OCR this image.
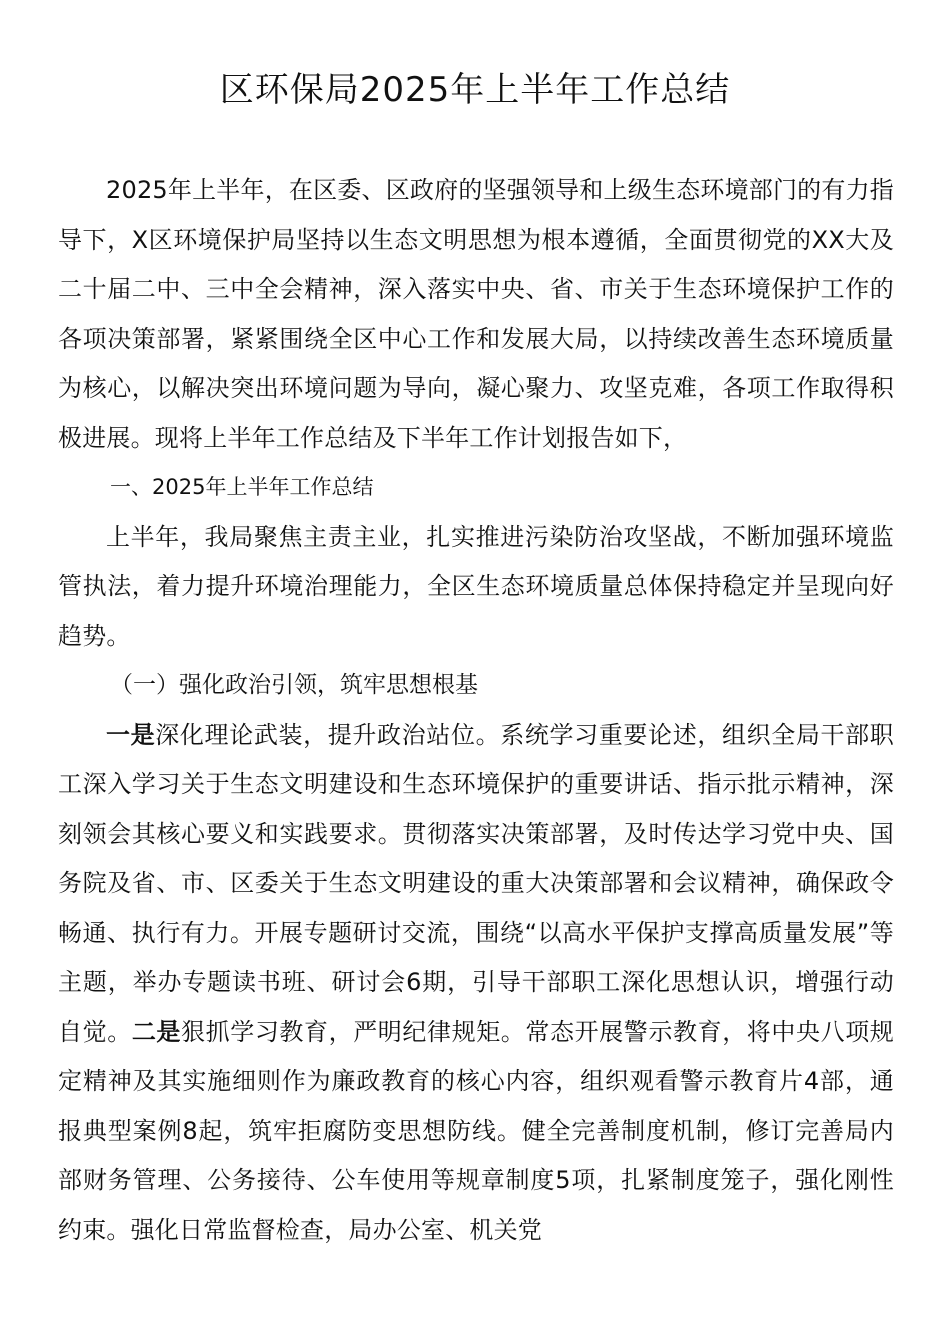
区环保局2025年上半年工作总结

2025年上半年，在区委、区政府的坚强领导和上级生态环境部门的有力指导下，X区环境保护局坚持以生态文明思想为根本遵循，全面贯彻党的XX大及二十届二中、三中全会精神，深入落实中央、省、市关于生态环境保护工作的各项决策部署，紧紧围绕全区中心工作和发展大局，以持续改善生态环境质量为核心，以解决突出环境问题为导向，凝心聚力、攻坚克难，各项工作取得积极进展。现将上半年工作总结及下半年工作计划报告如下，

一、2025年上半年工作总结

上半年，我局聚焦主责主业，扎实推进污染防治攻坚战，不断加强环境监管执法，着力提升环境治理能力，全区生态环境质量总体保持稳定并呈现向好趋势。

（一）强化政治引领，筑牢思想根基

一是深化理论武装，提升政治站位。系统学习重要论述，组织全局干部职工深入学习关于生态文明建设和生态环境保护的重要讲话、指示批示精神，深刻领会其核心要义和实践要求。贯彻落实决策部署，及时传达学习党中央、国务院及省、市、区委关于生态文明建设的重大决策部署和会议精神，确保政令畅通、执行有力。开展专题研讨交流，围绕“以高水平保护支撑高质量发展”等主题，举办专题读书班、研讨会6期，引导干部职工深化思想认识，增强行动自觉。二是狠抓学习教育，严明纪律规矩。常态开展警示教育，将中央八项规定精神及其实施细则作为廉政教育的核心内容，组织观看警示教育片4部，通报典型案例8起，筑牢拒腐防变思想防线。健全完善制度机制，修订完善局内部财务管理、公务接待、公车使用等规章制度5项，扎紧制度笼子，强化刚性约束。强化日常监督检查，局办公室、机关党
